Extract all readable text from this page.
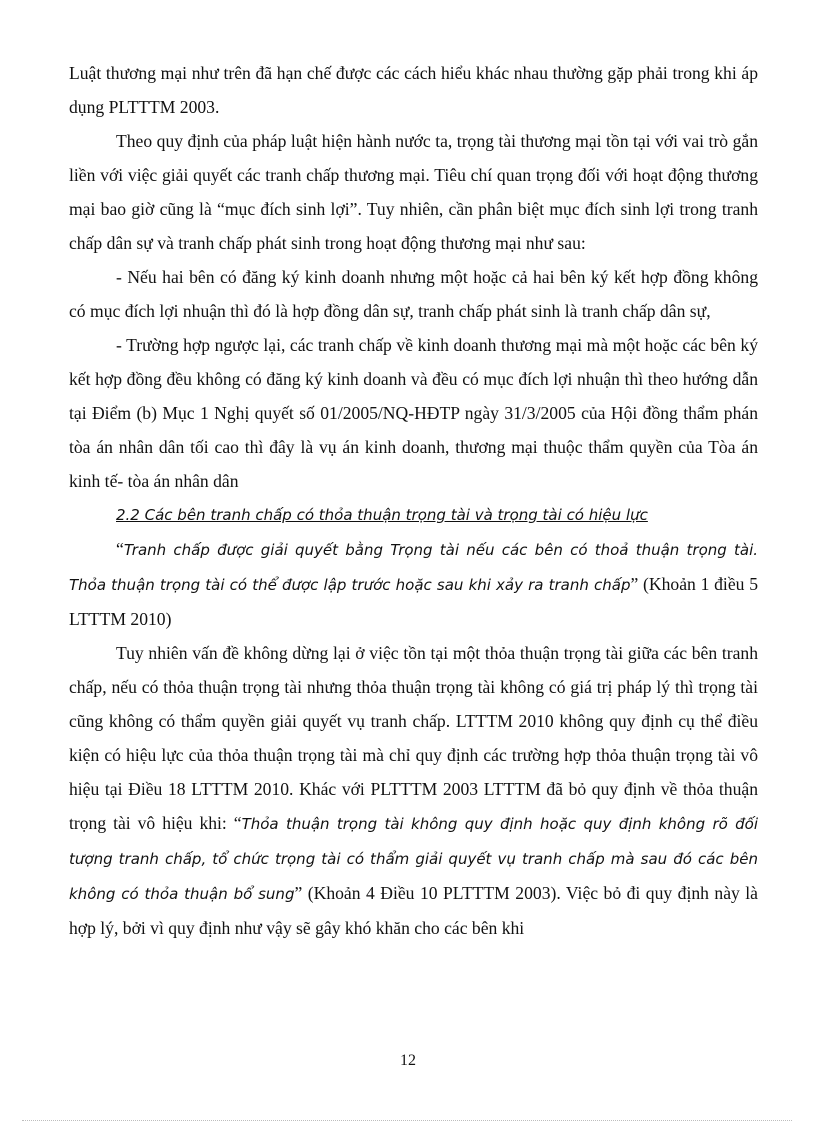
Luật thương mại như trên đã hạn chế được các cách hiểu khác nhau thường gặp phải trong khi áp dụng PLTTTM 2003.

Theo quy định của pháp luật hiện hành nước ta, trọng tài thương mại tồn tại với vai trò gắn liền với việc giải quyết các tranh chấp thương mại. Tiêu chí quan trọng đối với hoạt động thương mại bao giờ cũng là “mục đích sinh lợi”. Tuy nhiên, cần phân biệt mục đích sinh lợi trong tranh chấp dân sự và tranh chấp phát sinh trong hoạt động thương mại như sau:

- Nếu hai bên có đăng ký kinh doanh nhưng một hoặc cả hai bên ký kết hợp đồng không có mục đích lợi nhuận thì đó là hợp đồng dân sự, tranh chấp phát sinh là tranh chấp dân sự,

- Trường hợp ngược lại, các tranh chấp về kinh doanh thương mại mà một hoặc các bên ký kết hợp đồng đều không có đăng ký kinh doanh và đều có mục đích lợi nhuận thì theo hướng dẫn tại Điểm (b) Mục 1 Nghị quyết số 01/2005/NQ-HĐTP ngày 31/3/2005 của Hội đồng thẩm phán tòa án nhân dân tối cao thì đây là vụ án kinh doanh, thương mại thuộc thẩm quyền của Tòa án kinh tế- tòa án nhân dân

2.2 Các bên tranh chấp có thỏa thuận trọng tài và trọng tài có hiệu lực

“Tranh chấp được giải quyết bằng Trọng tài nếu các bên có thoả thuận trọng tài. Thỏa thuận trọng tài có thể được lập trước hoặc sau khi xảy ra tranh chấp” (Khoản 1 điều 5 LTTTM 2010)

Tuy nhiên vấn đề không dừng lại ở việc tồn tại một thỏa thuận trọng tài giữa các bên tranh chấp, nếu có thỏa thuận trọng tài nhưng thỏa thuận trọng tài không có giá trị pháp lý thì trọng tài cũng không có thẩm quyền giải quyết vụ tranh chấp. LTTTM 2010 không quy định cụ thể điều kiện có hiệu lực của thỏa thuận trọng tài mà chỉ quy định các trường hợp thỏa thuận trọng tài vô hiệu tại Điều 18 LTTTM 2010. Khác với PLTTTM 2003 LTTTM đã bỏ quy định về thỏa thuận trọng tài vô hiệu khi: “Thỏa thuận trọng tài không quy định hoặc quy định không rõ đối tượng tranh chấp, tổ chức trọng tài có thẩm giải quyết vụ tranh chấp mà sau đó các bên không có thỏa thuận bổ sung” (Khoản 4 Điều 10 PLTTTM 2003). Việc bỏ đi quy định này là hợp lý, bởi vì quy định như vậy sẽ gây khó khăn cho các bên khi

12
